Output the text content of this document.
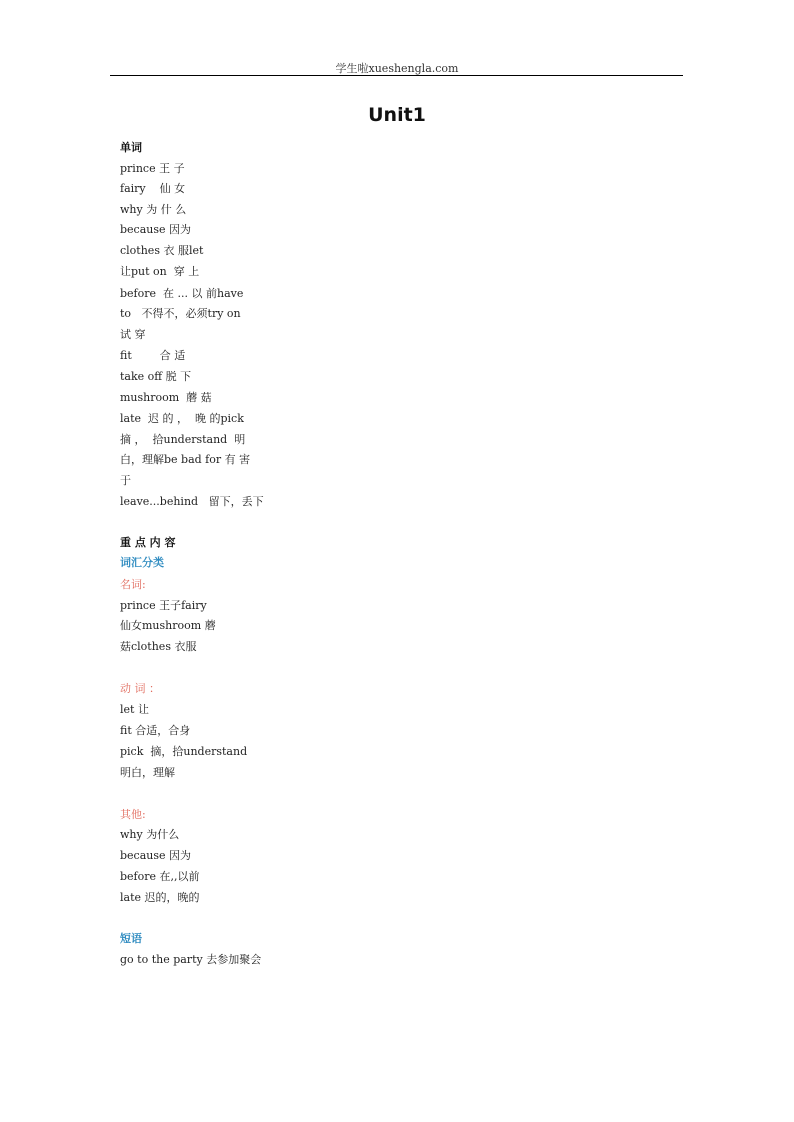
学生啦xueshengla.com
Unit1
单词
prince 王 子
fairy    仙 女
why 为 什 么
because 因为
clothes 衣 服let
让put on  穿 上
before  在 ... 以 前have
to   不得不，必须try on
试 穿
fit        合 适
take off 脱 下
mushroom  蘑 菇
late  迟 的 ，  晚 的pick
摘 ，  拾understand  明
白，理解be bad for 有 害
于
leave...behind   留下，丢下
重 点 内 容
词汇分类
名词:
prince 王子fairy
仙女mushroom 蘑
菇clothes 衣服
动 词 ：
let 让
fit 合适，合身
pick  摘，拾understand
明白，理解
其他:
why 为什么
because 因为
before 在,,以前
late 迟的，晚的
短语
go to the party 去参加聚会
